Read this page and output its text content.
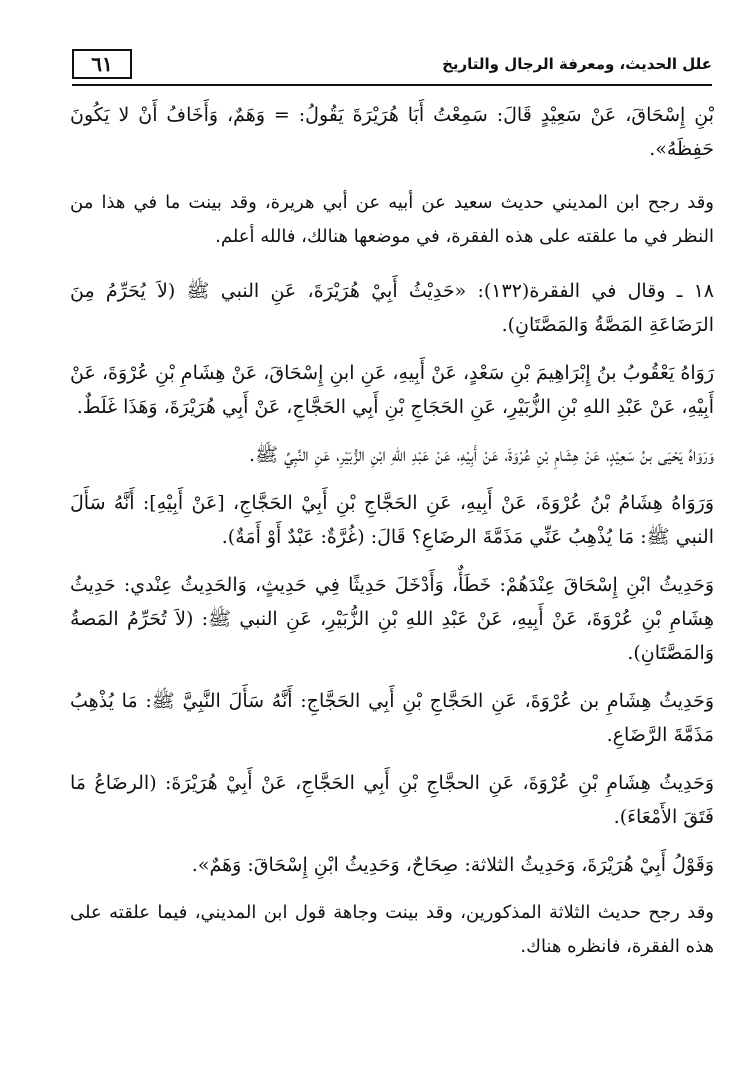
٦١	علل الحديث، ومعرفة الرجال والتاريخ

بْنِ إِسْحَاقَ، عَنْ سَعِيْدٍ قَالَ: سَمِعْتُ أَبَا هُرَيْرَةَ يَقُولُ: = وَهَمٌ، وَأَخَافُ أَنْ لا يَكُونَ حَفِظَهُ».

وقد رجح ابن المديني حديث سعيد عن أبيه عن أبي هريرة، وقد بينت ما في هذا من النظر في ما علقته على هذه الفقرة، في موضعها هنالك، فالله أعلم.

١٨ ـ وقال في الفقرة(١٣٢): «حَدِيْثُ أَبِيْ هُرَيْرَةَ، عَنِ النبي ﷺ (لاَ يُحَرِّمُ مِنَ الرَضَاعَةِ المَصَّةُ وَالمَصَّتَانِ).

رَوَاهُ يَعْقُوبُ بنُ إِبْرَاهِيمَ بْنِ سَعْدٍ، عَنْ أَبِيهِ، عَنِ ابنِ إِسْحَاقَ، عَنْ هِشَامِ بْنِ عُرْوَةَ، عَنْ أَبِيْهِ، عَنْ عَبْدِ اللهِ بْنِ الزُّبَيْرِ، عَنِ الحَجَاجِ بْنِ أَبِي الحَجَّاجِ، عَنْ أَبِي هُرَيْرَةَ، وَهَذَا غَلَطٌ.

وَرَوَاهُ يَحْيَى بنُ سَعِيْدٍ، عَنْ هِشَامِ بْنِ عُرْوَةَ، عَنْ أَبِيْهِ، عَنْ عَبْدِ اللهِ ابْنِ الزُّبَيْرِ، عَنِ النَّبِيِّ ﷺ.

وَرَوَاهُ هِشَامُ بْنُ عُرْوَةَ، عَنْ أَبِيهِ، عَنِ الحَجَّاجِ بْنِ أَبِيْ الحَجَّاجِ، [عَنْ أَبِيْهِ]: أَنَّهُ سَأَلَ النبي ﷺ: مَا يُذْهِبُ عَنِّي مَذَمَّةَ الرضَاعِ؟ قَالَ: (غُرَّةٌ: عَبْدٌ أَوْ أَمَةٌ).

وَحَدِيثُ ابْنِ إِسْحَاقَ عِنْدَهُمْ: خَطَأٌ، وَأَدْخَلَ حَدِيثًا فِي حَدِيثٍ، وَالحَدِيثُ عِنْدي: حَدِيثُ هِشَامِ بْنِ عُرْوَةَ، عَنْ أَبِيهِ، عَنْ عَبْدِ اللهِ بْنِ الزُّبَيْرِ، عَنِ النبي ﷺ: (لاَ تُحَرِّمُ المَصةُ وَالمَصَّتَانِ).

وَحَدِيثُ هِشَامِ بن عُرْوَةَ، عَنِ الحَجَّاجِ بْنِ أَبِي الحَجَّاجِ: أَنَّهُ سَأَلَ النَّبِيَّ ﷺ: مَا يُذْهِبُ مَذَمَّةَ الرَّضَاعِ.

وَحَدِيثُ هِشَامِ بْنِ عُرْوَةَ، عَنِ الحجَّاجِ بْنِ أَبِي الحَجَّاجِ، عَنْ أَبِيْ هُرَيْرَةَ: (الرضَاعُ مَا فَتَقَ الأَمْعَاءَ).

وَقَوْلُ أَبِيْ هُرَيْرَةَ، وَحَدِيثُ الثلاثة: صِحَاحٌ، وَحَدِيثُ ابْنِ إِسْحَاقَ: وَهَمٌ».

وقد رجح حديث الثلاثة المذكورين، وقد بينت وجاهة قول ابن المديني، فيما علقته على هذه الفقرة، فانظره هناك.
